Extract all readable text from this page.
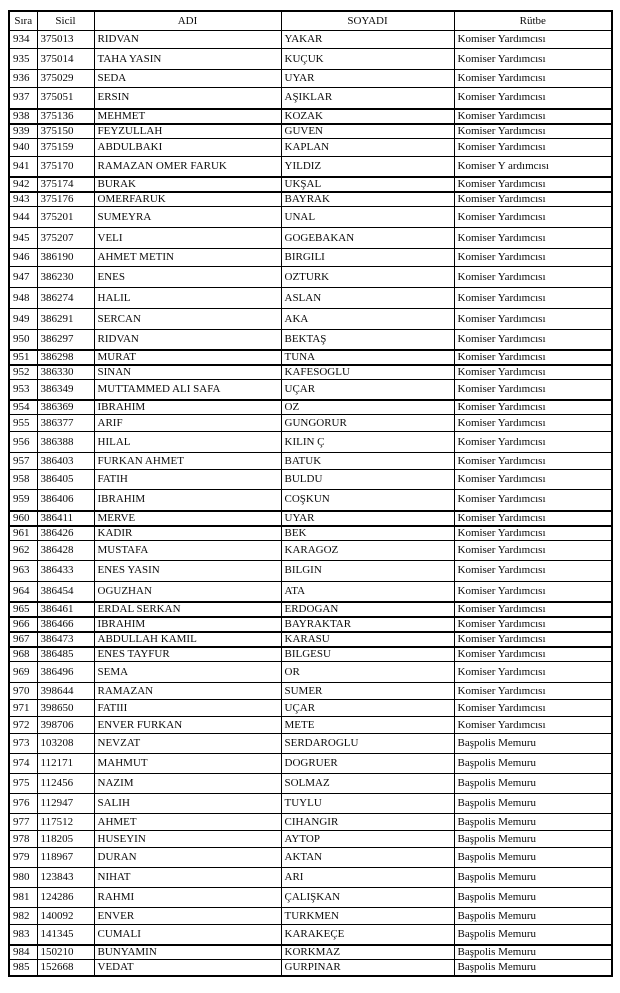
Sıra	Sicil	ADI	SOYADI	Rütbe
934	375013	RIDVAN	YAKAR	Komiser Yardımcısı
935	375014	TAHA YASIN	KUÇUK	Komiser Yardımcısı
936	375029	SEDA	UYAR	Komiser Yardımcısı
937	375051	ERSIN	AŞIKLAR	Komiser Yardımcısı
938	375136	MEHMET	KOZAK	Komiser Yardımcısı
939	375150	FEYZULLAH	GUVEN	Komiser Yardımcısı
940	375159	ABDULBAKI	KAPLAN	Komiser Yardımcısı
941	375170	RAMAZAN OMER FARUK	YILDIZ	Komiser Y ardımcısı
942	375174	BURAK	UKŞAL	Komiser Yardımcısı
943	375176	OMERFARUK	BAYRAK	Komiser Yardımcısı
944	375201	SUMEYRA	UNAL	Komiser Yardımcısı
945	375207	VELI	GOGEBAKAN	Komiser Yardımcısı
946	386190	AHMET METIN	BIRGILI	Komiser Yardımcısı
947	386230	ENES	OZTURK	Komiser Yardımcısı
948	386274	HALIL	ASLAN	Komiser Yardımcısı
949	386291	SERCAN	AKA	Komiser Yardımcısı
950	386297	RIDVAN	BEKTAŞ	Komiser Yardımcısı
951	386298	MURAT	TUNA	Komiser Yardımcısı
952	386330	SINAN	KAFESOGLU	Komiser Yardımcısı
953	386349	MUTTAMMED ALI SAFA	UÇAR	Komiser Yardımcısı
954	386369	IBRAHIM	OZ	Komiser Yardımcısı
955	386377	ARIF	GUNGORUR	Komiser Yardımcısı
956	386388	HILAL	KILIN Ç	Komiser Yardımcısı
957	386403	FURKAN AHMET	BATUK	Komiser Yardımcısı
958	386405	FATIH	BULDU	Komiser Yardımcısı
959	386406	IBRAHIM	COŞKUN	Komiser Yardımcısı
960	386411	MERVE	UYAR	Komiser Yardımcısı
961	386426	KADIR	BEK	Komiser Yardımcısı
962	386428	MUSTAFA	KARAGOZ	Komiser Yardımcısı
963	386433	ENES YASIN	BILGIN	Komiser Yardımcısı
964	386454	OGUZHAN	ATA	Komiser Yardımcısı
965	386461	ERDAL SERKAN	ERDOGAN	Komiser Yardımcısı
966	386466	IBRAHIM	BAYRAKTAR	Komiser Yardımcısı
967	386473	ABDULLAH KAMIL	KARASU	Komiser Yardımcısı
968	386485	ENES TAYFUR	BILGESU	Komiser Yardımcısı
969	386496	SEMA	OR	Komiser Yardımcısı
970	398644	RAMAZAN	SUMER	Komiser Yardımcısı
971	398650	FATIII	UÇAR	Komiser Yardımcısı
972	398706	ENVER FURKAN	METE	Komiser Yardımcısı
973	103208	NEVZAT	SERDAROGLU	Başpolis Memuru
974	112171	MAHMUT	DOGRUER	Başpolis Memuru
975	112456	NAZIM	SOLMAZ	Başpolis Memuru
976	112947	SALIH	TUYLU	Başpolis Memuru
977	117512	AHMET	CIHANGIR	Başpolis Memuru
978	118205	HUSEYIN	AYTOP	Başpolis Memuru
979	118967	DURAN	AKTAN	Başpolis Memuru
980	123843	NIHAT	ARI	Başpolis Memuru
981	124286	RAHMI	ÇALIŞKAN	Başpolis Memuru
982	140092	ENVER	TURKMEN	Başpolis Memuru
983	141345	CUMALI	KARAKEÇE	Başpolis Memuru
984	150210	BUNYAMIN	KORKMAZ	Başpolis Memuru
985	152668	VEDAT	GURPINAR	Başpolis Memuru
